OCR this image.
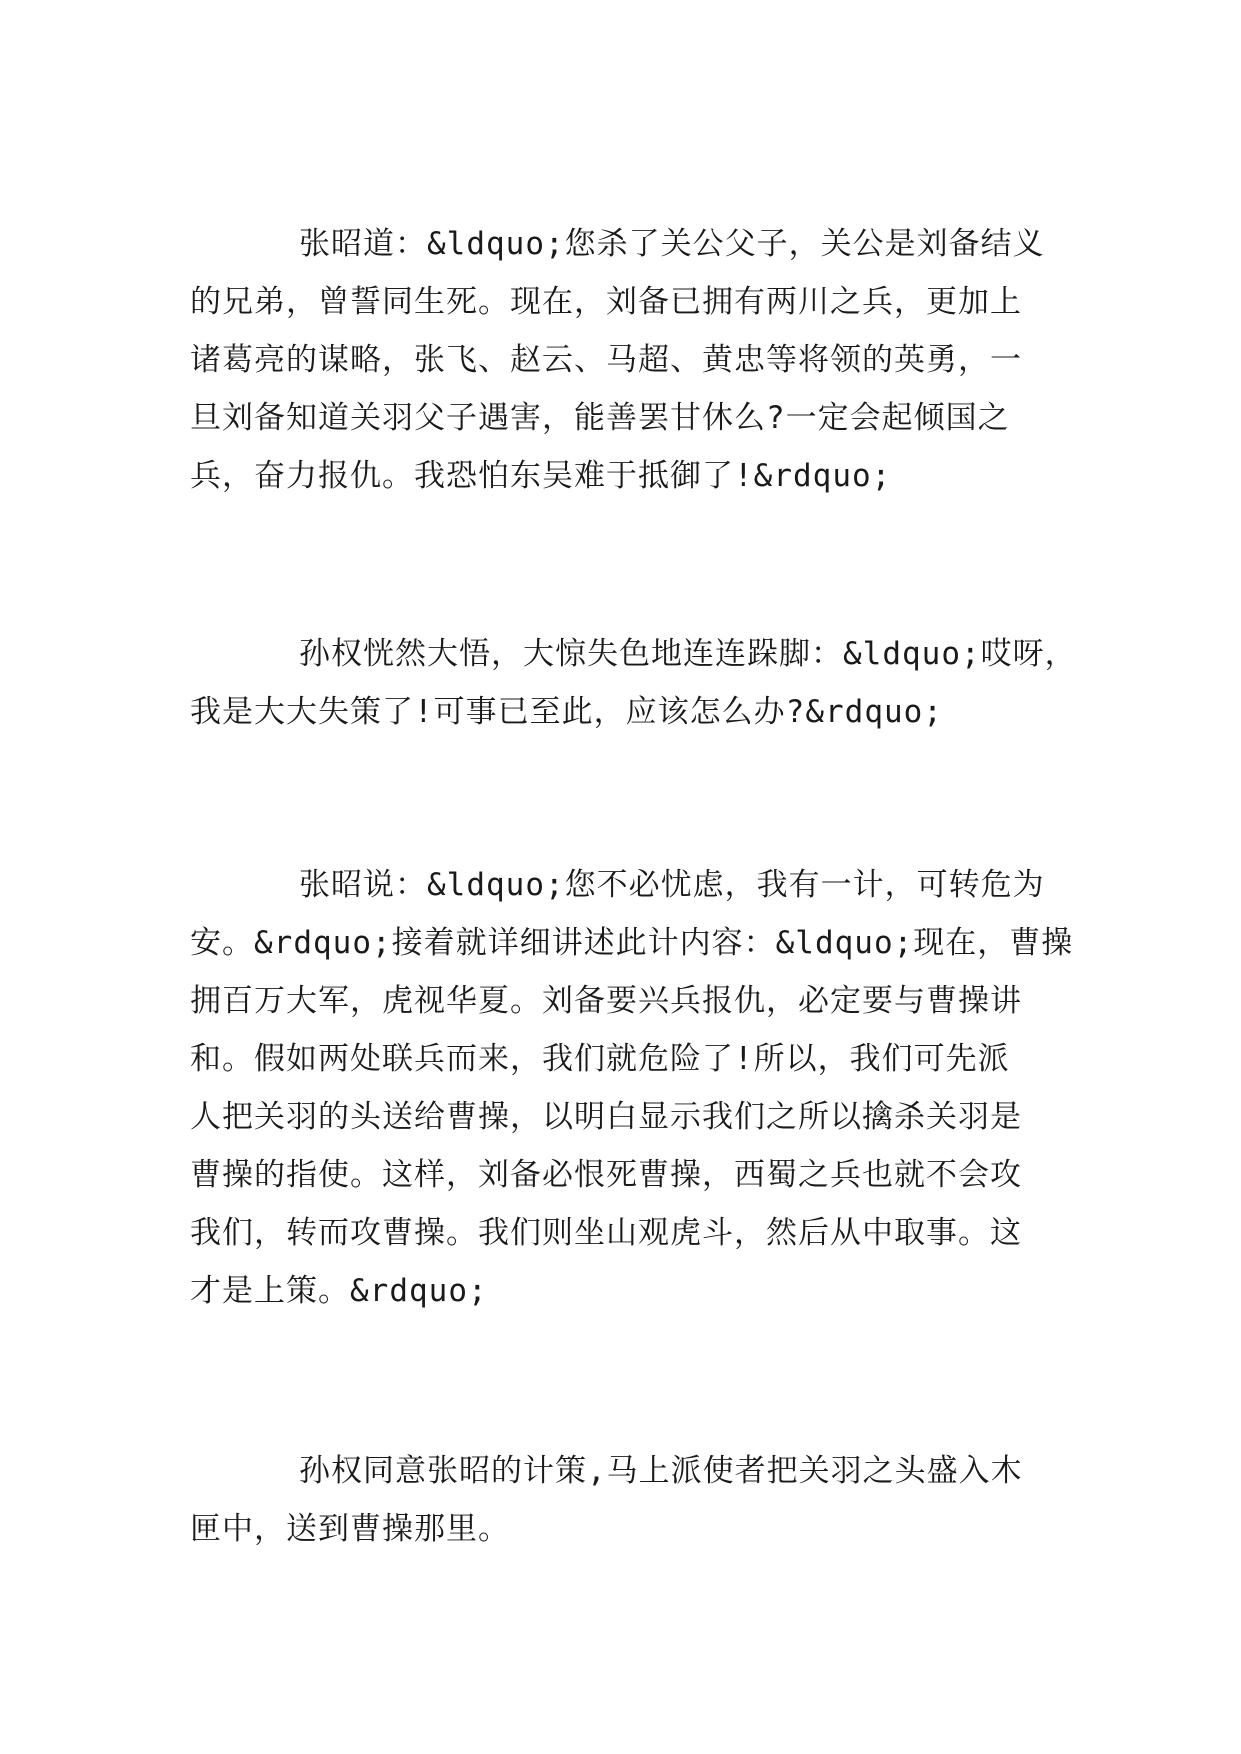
张昭道：&ldquo;您杀了关公父子，关公是刘备结义
的兄弟，曾誓同生死。现在，刘备已拥有两川之兵，更加上
诸葛亮的谋略，张飞、赵云、马超、黄忠等将领的英勇，一
旦刘备知道关羽父子遇害，能善罢甘休么?一定会起倾国之
兵，奋力报仇。我恐怕东吴难于抵御了!&rdquo;
孙权恍然大悟，大惊失色地连连跺脚：&ldquo;哎呀，
我是大大失策了!可事已至此，应该怎么办?&rdquo;
张昭说：&ldquo;您不必忧虑，我有一计，可转危为
安。&rdquo;接着就详细讲述此计内容：&ldquo;现在，曹操
拥百万大军，虎视华夏。刘备要兴兵报仇，必定要与曹操讲
和。假如两处联兵而来，我们就危险了!所以，我们可先派
人把关羽的头送给曹操，以明白显示我们之所以擒杀关羽是
曹操的指使。这样，刘备必恨死曹操，西蜀之兵也就不会攻
我们，转而攻曹操。我们则坐山观虎斗，然后从中取事。这
才是上策。&rdquo;
孙权同意张昭的计策,马上派使者把关羽之头盛入木
匣中，送到曹操那里。
